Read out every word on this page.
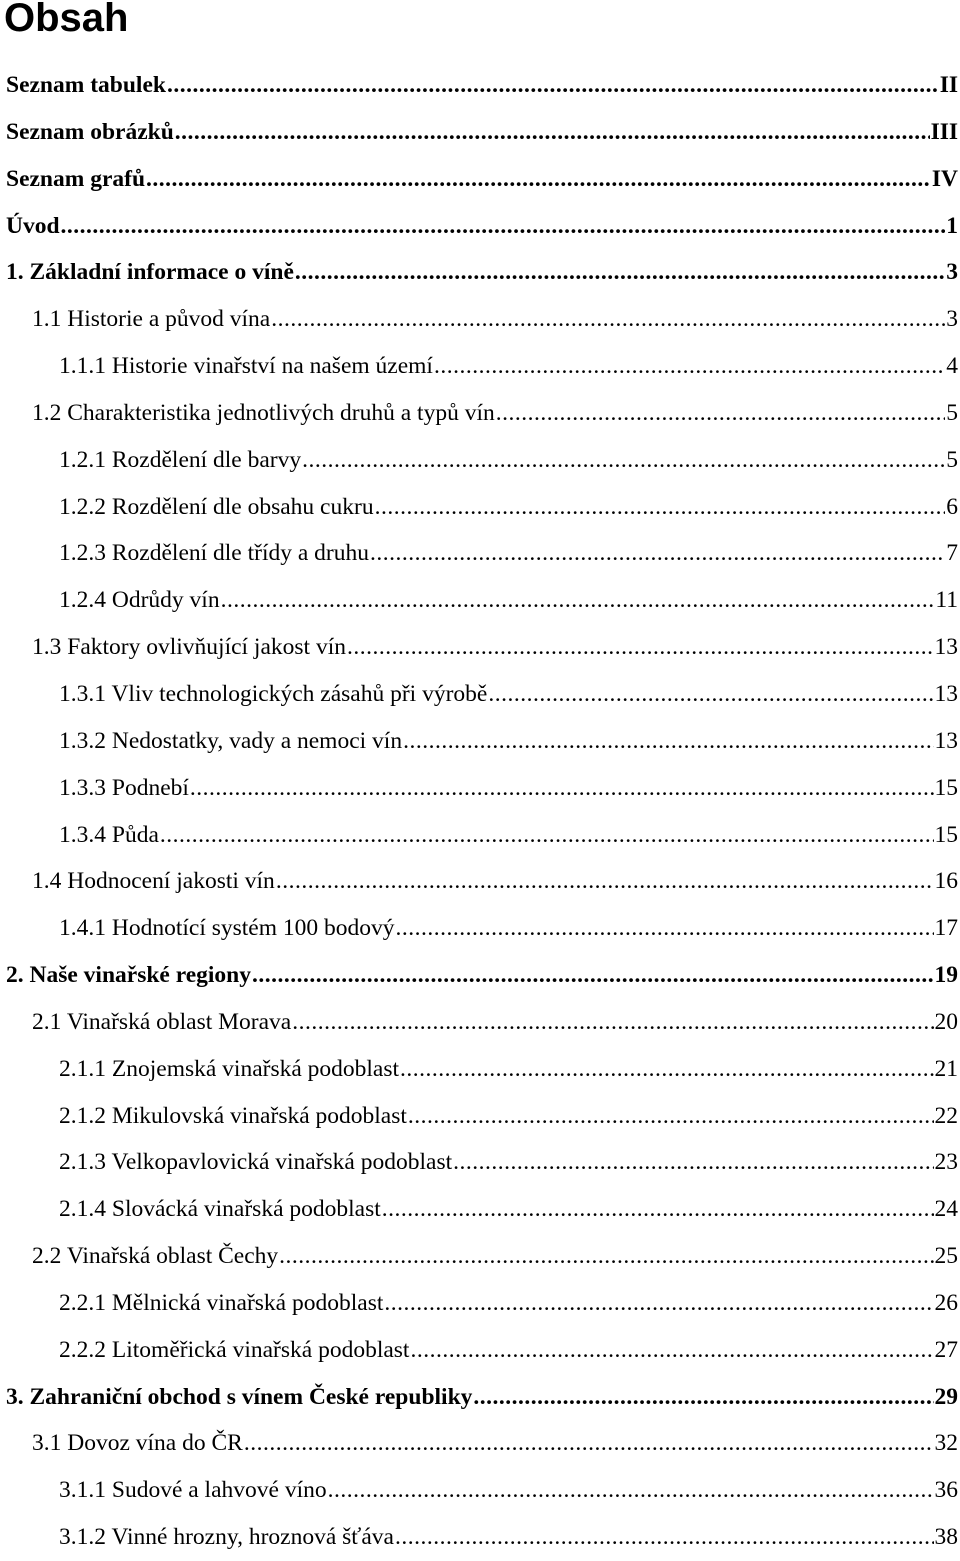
Obsah
Seznam tabulek .....	II
Seznam obrázků .....	III
Seznam grafů .....	IV
Úvod .....	1
1. Základní informace o víně .....	3
1.1 Historie a původ vína .....	3
1.1.1 Historie vinařství na našem území .....	4
1.2 Charakteristika jednotlivých druhů a typů vín .....	5
1.2.1 Rozdělení dle barvy .....	5
1.2.2 Rozdělení dle obsahu cukru .....	6
1.2.3 Rozdělení dle třídy a druhu .....	7
1.2.4 Odrůdy vín .....	11
1.3 Faktory ovlivňující jakost vín .....	13
1.3.1 Vliv technologických zásahů při výrobě .....	13
1.3.2 Nedostatky, vady a nemoci vín .....	13
1.3.3 Podnebí .....	15
1.3.4 Půda .....	15
1.4 Hodnocení jakosti vín .....	16
1.4.1 Hodnotící systém 100 bodový .....	17
2. Naše vinařské regiony .....	19
2.1 Vinařská oblast Morava .....	20
2.1.1 Znojemská vinařská podoblast .....	21
2.1.2 Mikulovská vinařská podoblast .....	22
2.1.3 Velkopavlovická vinařská podoblast .....	23
2.1.4 Slovácká vinařská podoblast .....	24
2.2 Vinařská oblast Čechy .....	25
2.2.1 Mělnická vinařská podoblast .....	26
2.2.2 Litoměřická vinařská podoblast .....	27
3. Zahraniční obchod s vínem České republiky .....	29
3.1 Dovoz vína do ČR .....	32
3.1.1 Sudové a lahvové víno .....	36
3.1.2 Vinné hrozny, hroznová šťáva .....	38
